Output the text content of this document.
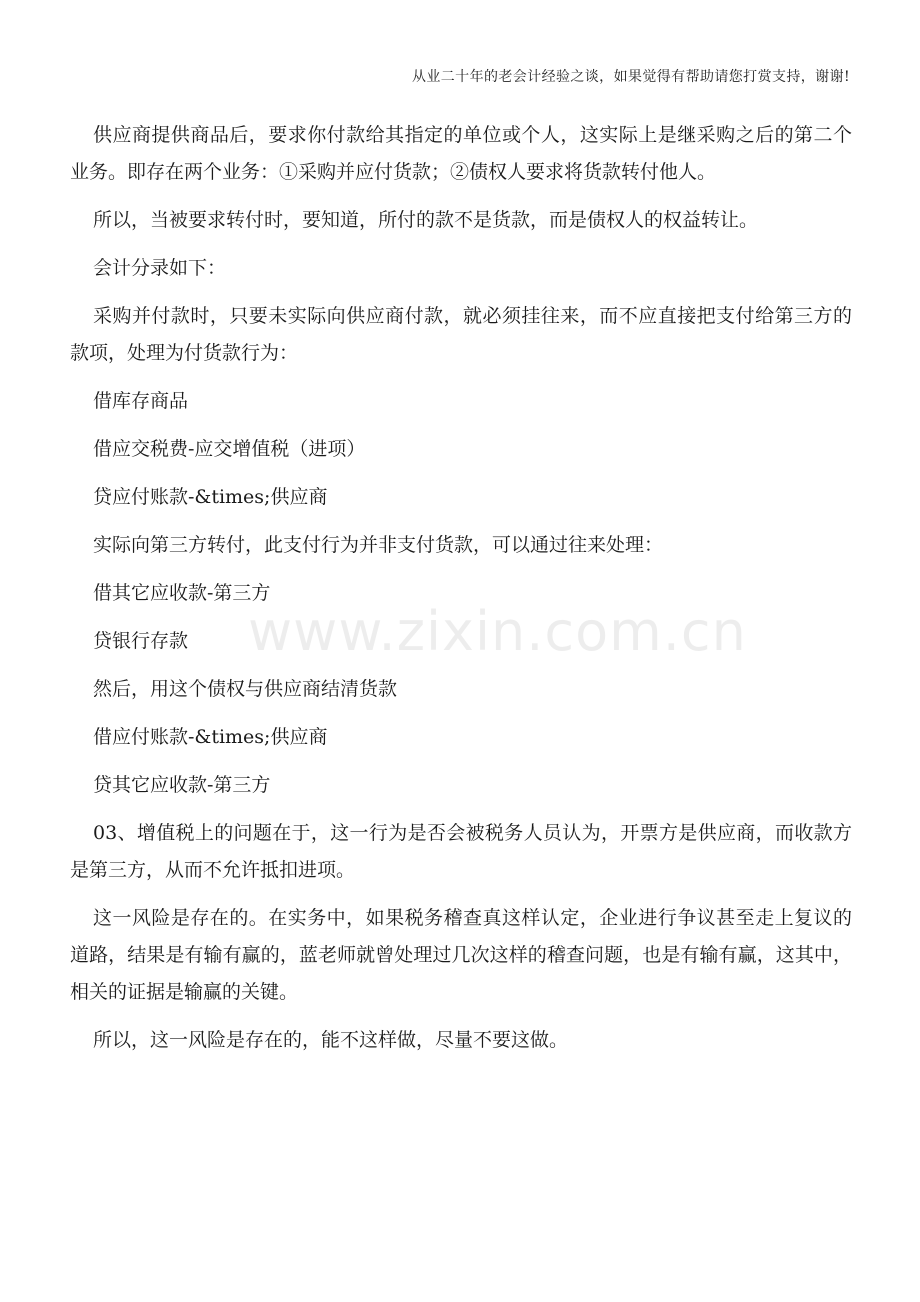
从业二十年的老会计经验之谈，如果觉得有帮助请您打赏支持，谢谢!
www.zixin.com.cn

供应商提供商品后，要求你付款给其指定的单位或个人，这实际上是继采购之后的第二个业务。即存在两个业务：①采购并应付货款；②债权人要求将货款转付他人。

所以，当被要求转付时，要知道，所付的款不是货款，而是债权人的权益转让。

会计分录如下：

采购并付款时，只要未实际向供应商付款，就必须挂往来，而不应直接把支付给第三方的款项，处理为付货款行为：

借库存商品

借应交税费-应交增值税（进项）

贷应付账款-&times;供应商

实际向第三方转付，此支付行为并非支付货款，可以通过往来处理：

借其它应收款-第三方

贷银行存款

然后，用这个债权与供应商结清货款

借应付账款-&times;供应商

贷其它应收款-第三方

03、增值税上的问题在于，这一行为是否会被税务人员认为，开票方是供应商，而收款方是第三方，从而不允许抵扣进项。

这一风险是存在的。在实务中，如果税务稽查真这样认定，企业进行争议甚至走上复议的道路，结果是有输有赢的，蓝老师就曾处理过几次这样的稽查问题，也是有输有赢，这其中，相关的证据是输赢的关键。

所以，这一风险是存在的，能不这样做，尽量不要这做。
